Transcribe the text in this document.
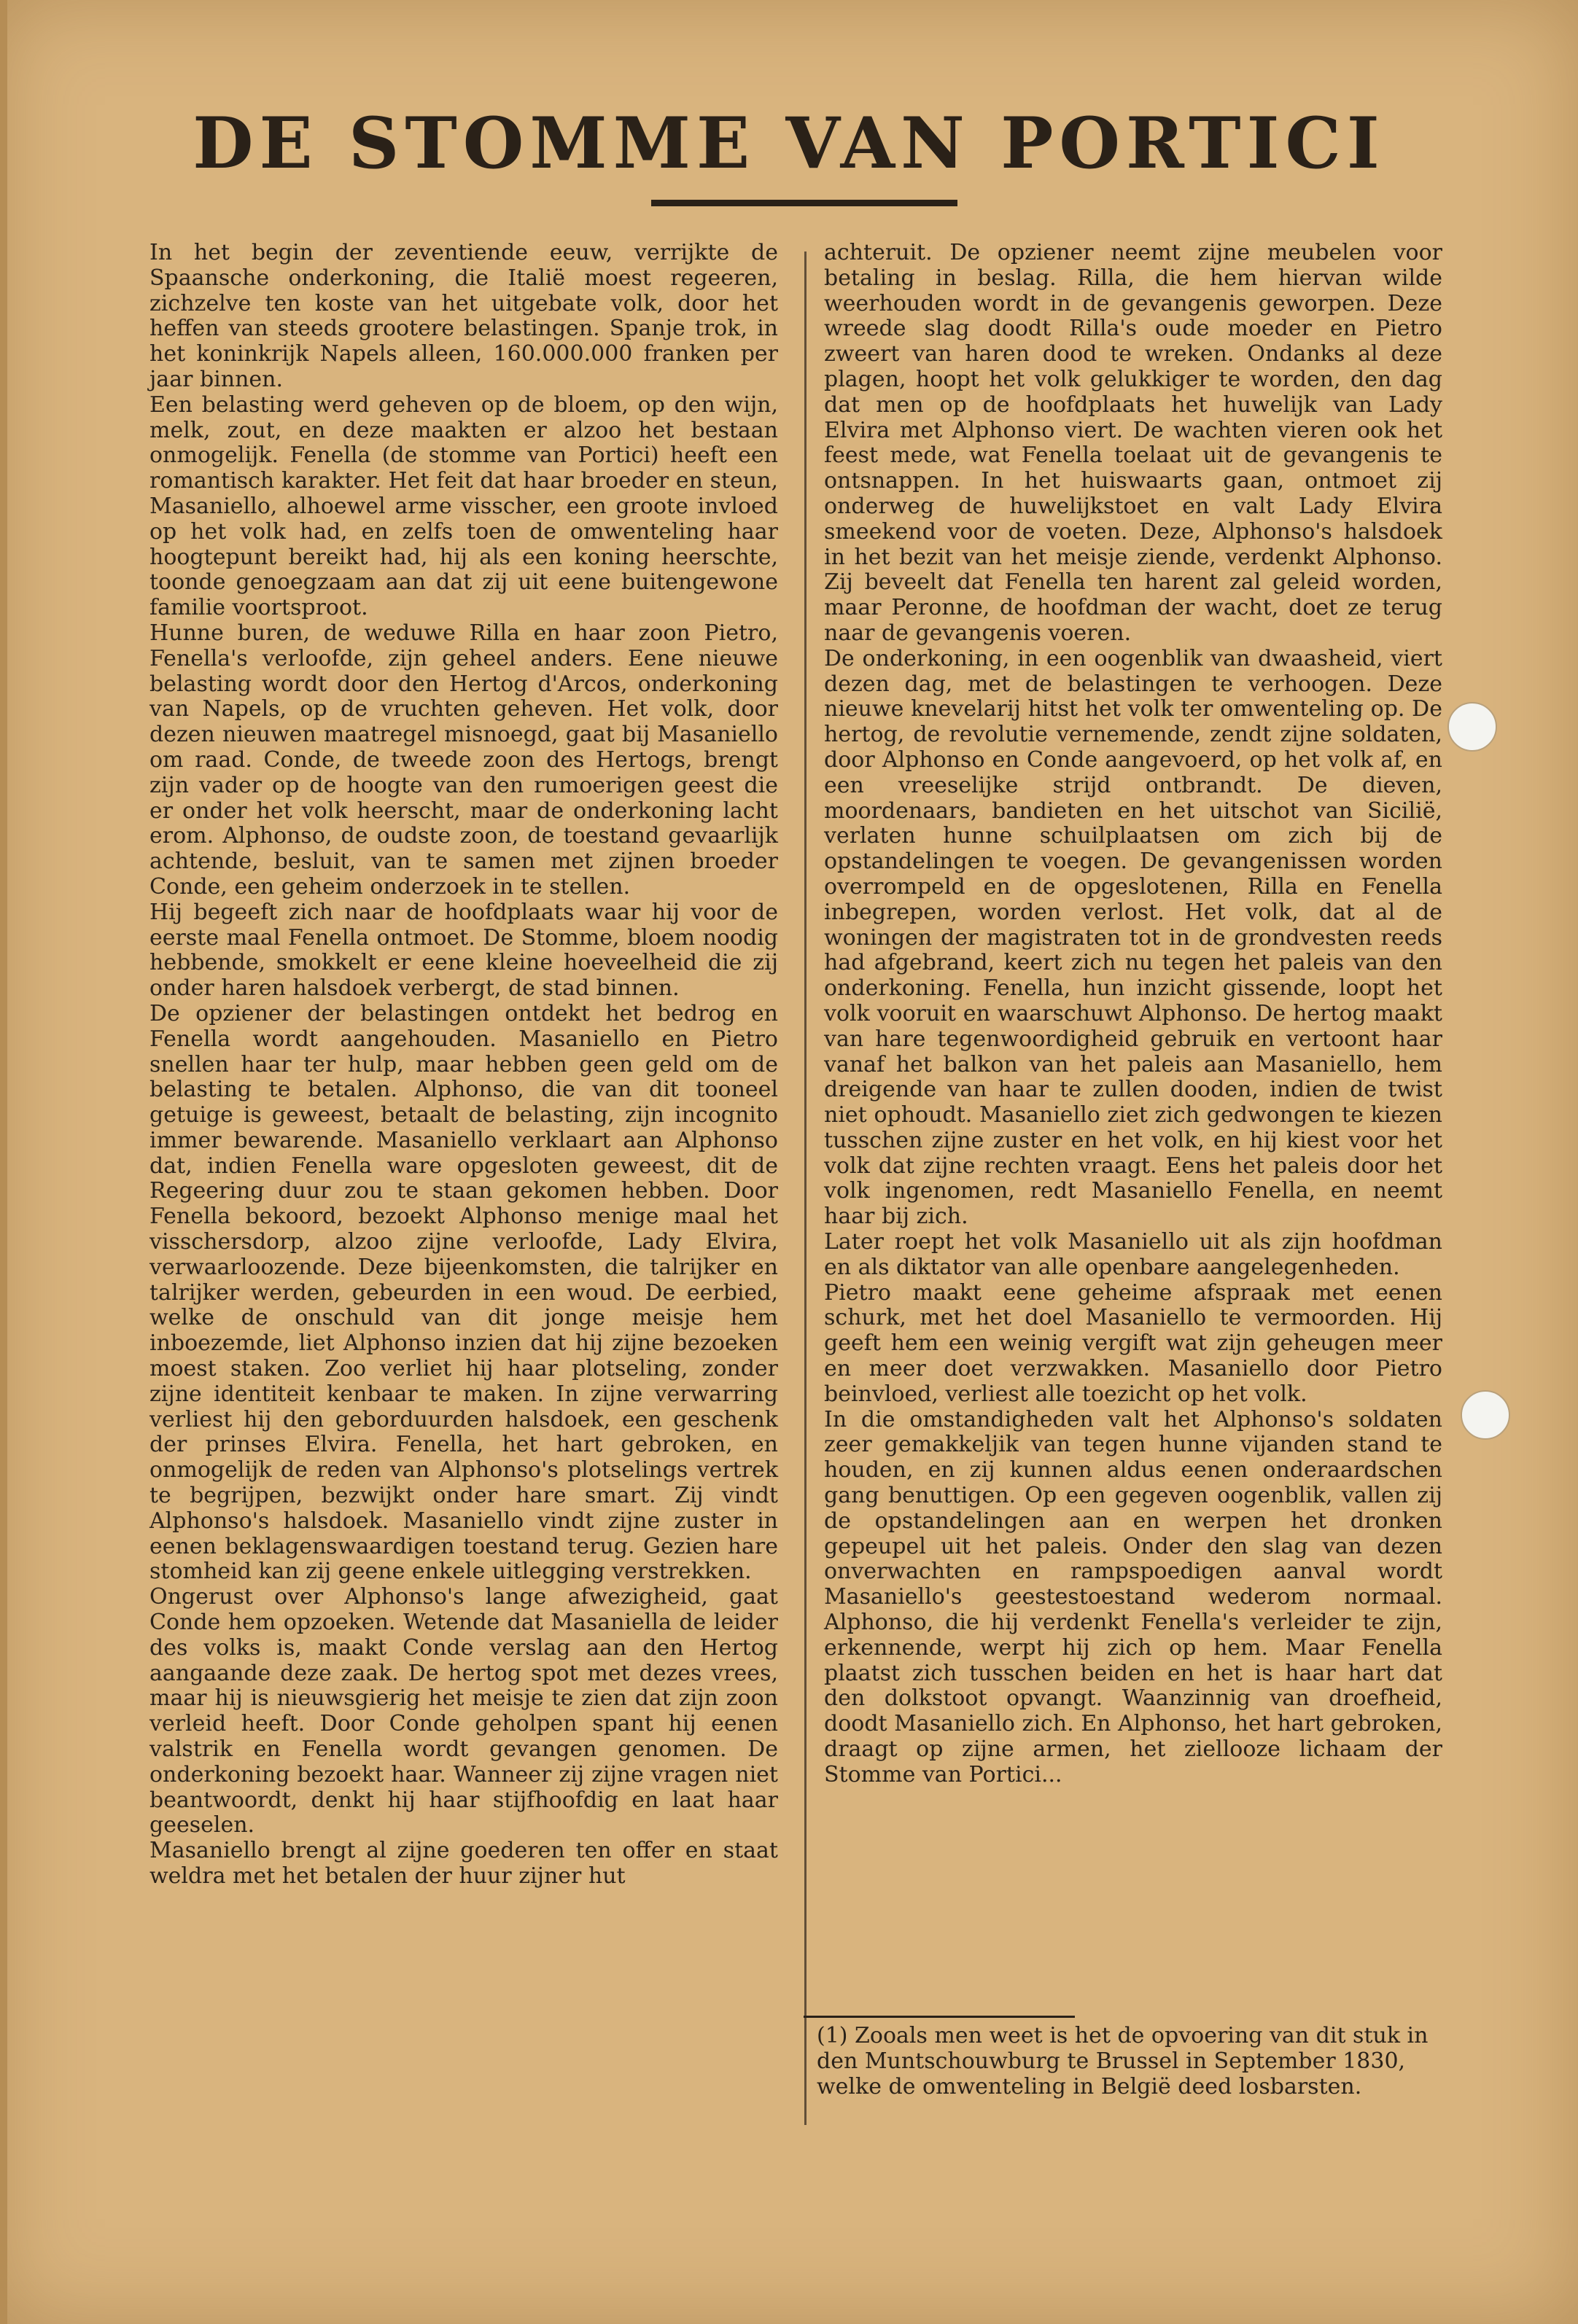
DE STOMME VAN PORTICI

In het begin der zeventiende eeuw, verrijkte de Spaansche onderkoning, die Italië moest regeeren, zichzelve ten koste van het uitgebate volk, door het heffen van steeds grootere belastingen. Spanje trok, in het koninkrijk Napels alleen, 160.000.000 franken per jaar binnen.

Een belasting werd geheven op de bloem, op den wijn, melk, zout, en deze maakten er alzoo het bestaan onmogelijk. Fenella (de stomme van Portici) heeft een romantisch karakter. Het feit dat haar broeder en steun, Masaniello, alhoewel arme visscher, een groote invloed op het volk had, en zelfs toen de omwenteling haar hoogtepunt bereikt had, hij als een koning heerschte, toonde genoegzaam aan dat zij uit eene buitengewone familie voortsproot.

Hunne buren, de weduwe Rilla en haar zoon Pietro, Fenella's verloofde, zijn geheel anders. Eene nieuwe belasting wordt door den Hertog d'Arcos, onderkoning van Napels, op de vruchten geheven. Het volk, door dezen nieuwen maatregel misnoegd, gaat bij Masaniello om raad. Conde, de tweede zoon des Hertogs, brengt zijn vader op de hoogte van den rumoerigen geest die er onder het volk heerscht, maar de onderkoning lacht erom. Alphonso, de oudste zoon, de toestand gevaarlijk achtende, besluit, van te samen met zijnen broeder Conde, een geheim onderzoek in te stellen.

Hij begeeft zich naar de hoofdplaats waar hij voor de eerste maal Fenella ontmoet. De Stomme, bloem noodig hebbende, smokkelt er eene kleine hoeveelheid die zij onder haren halsdoek verbergt, de stad binnen.

De opziener der belastingen ontdekt het bedrog en Fenella wordt aangehouden. Masaniello en Pietro snellen haar ter hulp, maar hebben geen geld om de belasting te betalen. Alphonso, die van dit tooneel getuige is geweest, betaalt de belasting, zijn incognito immer bewarende. Masaniello verklaart aan Alphonso dat, indien Fenella ware opgesloten geweest, dit de Regeering duur zou te staan gekomen hebben. Door Fenella bekoord, bezoekt Alphonso menige maal het visschersdorp, alzoo zijne verloofde, Lady Elvira, verwaarloozende. Deze bijeenkomsten, die talrijker en talrijker werden, gebeurden in een woud. De eerbied, welke de onschuld van dit jonge meisje hem inboezemde, liet Alphonso inzien dat hij zijne bezoeken moest staken. Zoo verliet hij haar plotseling, zonder zijne identiteit kenbaar te maken. In zijne verwarring verliest hij den geborduurden halsdoek, een geschenk der prinses Elvira. Fenella, het hart gebroken, en onmogelijk de reden van Alphonso's plotselings vertrek te begrijpen, bezwijkt onder hare smart. Zij vindt Alphonso's halsdoek. Masaniello vindt zijne zuster in eenen beklagenswaardigen toestand terug. Gezien hare stomheid kan zij geene enkele uitlegging verstrekken.

Ongerust over Alphonso's lange afwezigheid, gaat Conde hem opzoeken. Wetende dat Masaniella de leider des volks is, maakt Conde verslag aan den Hertog aangaande deze zaak. De hertog spot met dezes vrees, maar hij is nieuwsgierig het meisje te zien dat zijn zoon verleid heeft. Door Conde geholpen spant hij eenen valstrik en Fenella wordt gevangen genomen. De onderkoning bezoekt haar. Wanneer zij zijne vragen niet beantwoordt, denkt hij haar stijfhoofdig en laat haar geeselen.

Masaniello brengt al zijne goederen ten offer en staat weldra met het betalen der huur zijner hut

achteruit. De opziener neemt zijne meubelen voor betaling in beslag. Rilla, die hem hiervan wilde weerhouden wordt in de gevangenis geworpen. Deze wreede slag doodt Rilla's oude moeder en Pietro zweert van haren dood te wreken. Ondanks al deze plagen, hoopt het volk gelukkiger te worden, den dag dat men op de hoofdplaats het huwelijk van Lady Elvira met Alphonso viert. De wachten vieren ook het feest mede, wat Fenella toelaat uit de gevangenis te ontsnappen. In het huiswaarts gaan, ontmoet zij onderweg de huwelijkstoet en valt Lady Elvira smeekend voor de voeten. Deze, Alphonso's halsdoek in het bezit van het meisje ziende, verdenkt Alphonso. Zij beveelt dat Fenella ten harent zal geleid worden, maar Peronne, de hoofdman der wacht, doet ze terug naar de gevangenis voeren.

De onderkoning, in een oogenblik van dwaasheid, viert dezen dag, met de belastingen te verhoogen. Deze nieuwe knevelarij hitst het volk ter omwenteling op. De hertog, de revolutie vernemende, zendt zijne soldaten, door Alphonso en Conde aangevoerd, op het volk af, en een vreeselijke strijd ontbrandt. De dieven, moordenaars, bandieten en het uitschot van Sicilië, verlaten hunne schuilplaatsen om zich bij de opstandelingen te voegen. De gevangenissen worden overrompeld en de opgeslotenen, Rilla en Fenella inbegrepen, worden verlost. Het volk, dat al de woningen der magistraten tot in de grondvesten reeds had afgebrand, keert zich nu tegen het paleis van den onderkoning. Fenella, hun inzicht gissende, loopt het volk vooruit en waarschuwt Alphonso. De hertog maakt van hare tegenwoordigheid gebruik en vertoont haar vanaf het balkon van het paleis aan Masaniello, hem dreigende van haar te zullen dooden, indien de twist niet ophoudt. Masaniello ziet zich gedwongen te kiezen tusschen zijne zuster en het volk, en hij kiest voor het volk dat zijne rechten vraagt. Eens het paleis door het volk ingenomen, redt Masaniello Fenella, en neemt haar bij zich.

Later roept het volk Masaniello uit als zijn hoofdman en als diktator van alle openbare aangelegenheden.

Pietro maakt eene geheime afspraak met eenen schurk, met het doel Masaniello te vermoorden. Hij geeft hem een weinig vergift wat zijn geheugen meer en meer doet verzwakken. Masaniello door Pietro beinvloed, verliest alle toezicht op het volk.

In die omstandigheden valt het Alphonso's soldaten zeer gemakkeljik van tegen hunne vijanden stand te houden, en zij kunnen aldus eenen onderaardschen gang benuttigen. Op een gegeven oogenblik, vallen zij de opstandelingen aan en werpen het dronken gepeupel uit het paleis. Onder den slag van dezen onverwachten en rampspoedigen aanval wordt Masaniello's geestestoestand wederom normaal. Alphonso, die hij verdenkt Fenella's verleider te zijn, erkennende, werpt hij zich op hem. Maar Fenella plaatst zich tusschen beiden en het is haar hart dat den dolkstoot opvangt. Waanzinnig van droefheid, doodt Masaniello zich. En Alphonso, het hart gebroken, draagt op zijne armen, het ziellooze lichaam der Stomme van Portici...

(1) Zooals men weet is het de opvoering van dit stuk in den Muntschouwburg te Brussel in September 1830, welke de omwenteling in België deed losbarsten.
